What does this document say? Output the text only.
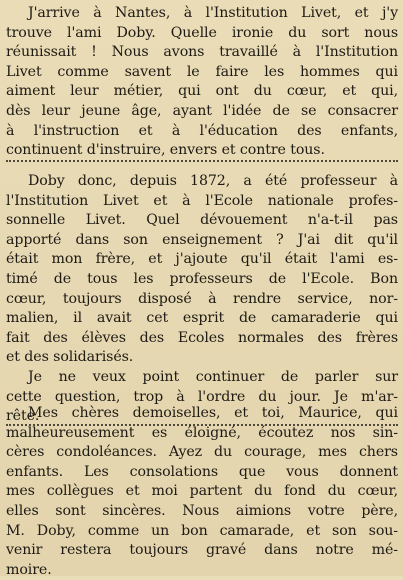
J'arrive à Nantes, à l'Institution Livet, et j'y
trouve l'ami Doby. Quelle ironie du sort nous
réunissait ! Nous avons travaillé à l'Institution
Livet comme savent le faire les hommes qui
aiment leur métier, qui ont du cœur, et qui,
dès leur jeune âge, ayant l'idée de se consacrer
à l'instruction et à l'éducation des enfants,
continuent d'instruire, envers et contre tous.
Doby donc, depuis 1872, a été professeur à
l'Institution Livet et à l'Ecole nationale profes-
sonnelle Livet. Quel dévouement n'a-t-il pas
apporté dans son enseignement ? J'ai dit qu'il
était mon frère, et j'ajoute qu'il était l'ami es-
timé de tous les professeurs de l'Ecole. Bon
cœur, toujours disposé à rendre service, nor-
malien, il avait cet esprit de camaraderie qui
fait des élèves des Ecoles normales des frères
et des solidarisés.
Je ne veux point continuer de parler sur
cette question, trop à l'ordre du jour. Je m'ar-
rête.
Mes chères demoiselles, et toi, Maurice, qui
malheureusement es éloigné, écoutez nos sin-
cères condoléances. Ayez du courage, mes chers
enfants. Les consolations que vous donnent
mes collègues et moi partent du fond du cœur,
elles sont sincères. Nous aimions votre père,
M. Doby, comme un bon camarade, et son sou-
venir restera toujours gravé dans notre mé-
moire.
